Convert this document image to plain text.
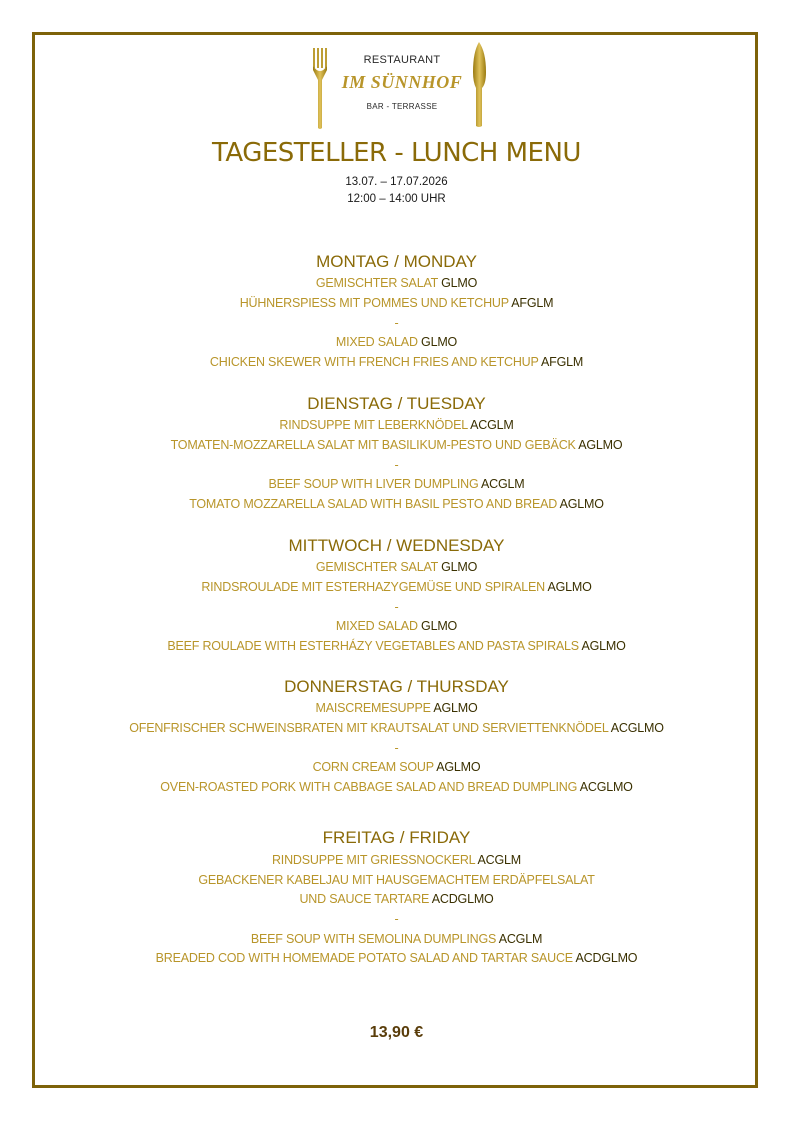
RESTAURANT
IM SÜNNHOF
BAR - TERRASSE
TAGESTELLER - LUNCH MENU
13.07. – 17.07.2026
12:00 – 14:00 UHR
MONTAG / MONDAY
GEMISCHTER SALAT GLMO
HÜHNERSPIESS MIT POMMES UND KETCHUP AFGLM
-
MIXED SALAD GLMO
CHICKEN SKEWER WITH FRENCH FRIES AND KETCHUP AFGLM
DIENSTAG / TUESDAY
RINDSUPPE MIT LEBERKNÖDEL ACGLM
TOMATEN-MOZZARELLA SALAT MIT BASILIKUM-PESTO UND GEBÄCK AGLMO
-
BEEF SOUP WITH LIVER DUMPLING ACGLM
TOMATO MOZZARELLA SALAD WITH BASIL PESTO AND BREAD AGLMO
MITTWOCH / WEDNESDAY
GEMISCHTER SALAT GLMO
RINDSROULADE MIT ESTERHAZYGEMÜSE UND SPIRALEN AGLMO
-
MIXED SALAD GLMO
BEEF ROULADE WITH ESTERHÁZY VEGETABLES AND PASTA SPIRALS AGLMO
DONNERSTAG / THURSDAY
MAISCREMESUPPE AGLMO
OFENFRISCHER SCHWEINSBRATEN MIT KRAUTSALAT UND SERVIETTENKNÖDEL ACGLMO
-
CORN CREAM SOUP AGLMO
OVEN-ROASTED PORK WITH CABBAGE SALAD AND BREAD DUMPLING ACGLMO
FREITAG / FRIDAY
RINDSUPPE MIT GRIESSNOCKERL ACGLM
GEBACKENER KABELJAU MIT HAUSGEMACHTEM ERDÄPFELSALAT
UND SAUCE TARTARE ACDGLMO
-
BEEF SOUP WITH SEMOLINA DUMPLINGS ACGLM
BREADED COD WITH HOMEMADE POTATO SALAD AND TARTAR SAUCE ACDGLMO
13,90 €
